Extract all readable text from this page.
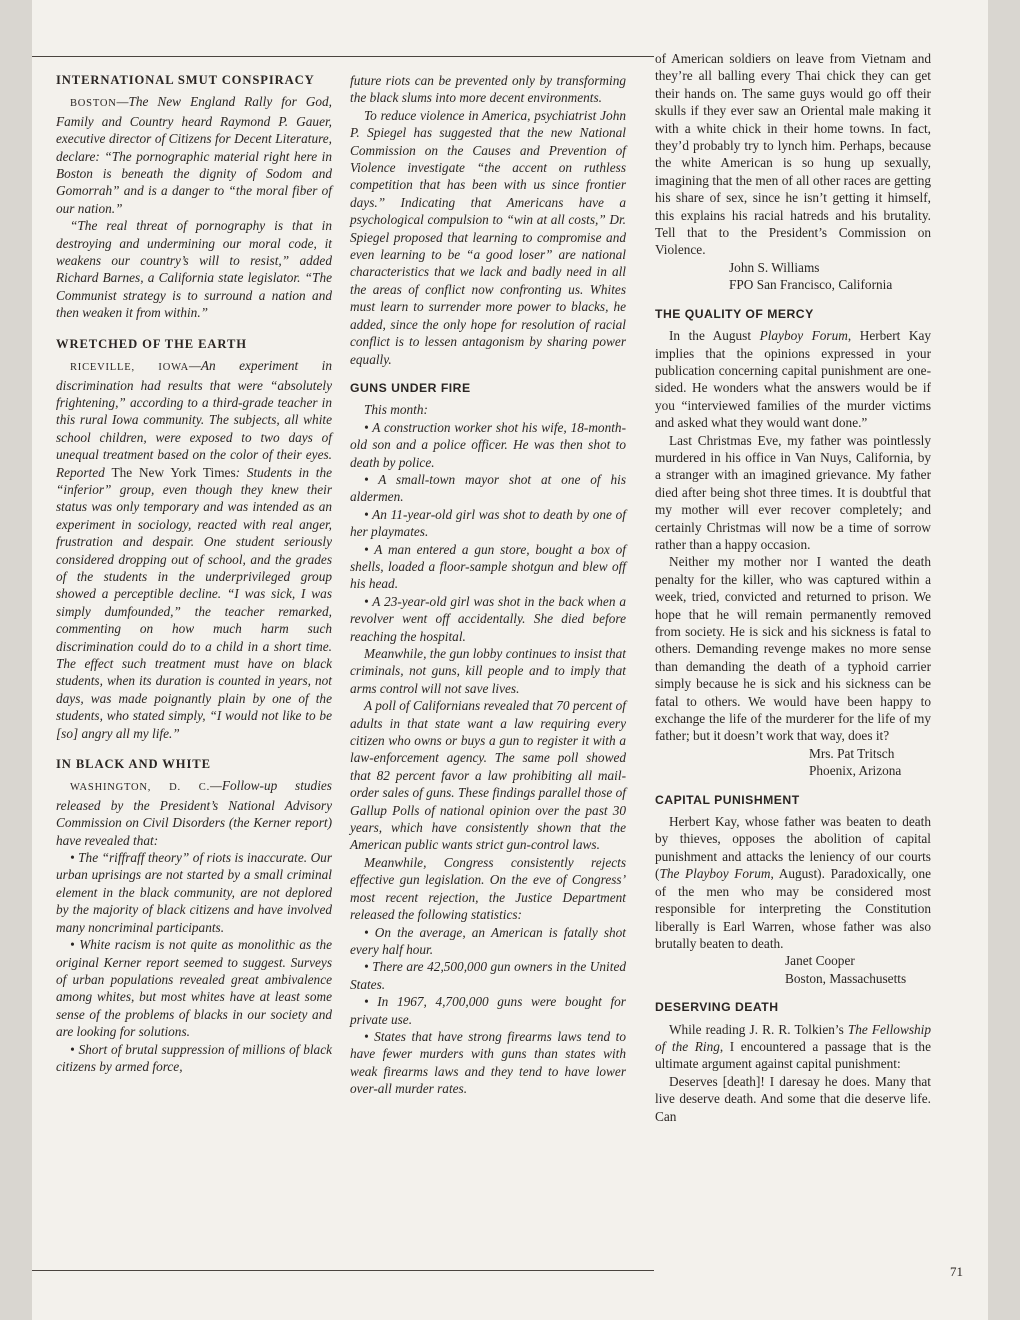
INTERNATIONAL SMUT CONSPIRACY

BOSTON—The New England Rally for God, Family and Country heard Raymond P. Gauer, executive director of Citizens for Decent Literature, declare: “The pornographic material right here in Boston is beneath the dignity of Sodom and Gomorrah” and is a danger to “the moral fiber of our nation.”

“The real threat of pornography is that in destroying and undermining our moral code, it weakens our country’s will to resist,” added Richard Barnes, a California state legislator. “The Communist strategy is to surround a nation and then weaken it from within.”

WRETCHED OF THE EARTH

RICEVILLE, IOWA—An experiment in discrimination had results that were “absolutely frightening,” according to a third-grade teacher in this rural Iowa community. The subjects, all white school children, were exposed to two days of unequal treatment based on the color of their eyes. Reported The New York Times: Students in the “inferior” group, even though they knew their status was only temporary and was intended as an experiment in sociology, reacted with real anger, frustration and despair. One student seriously considered dropping out of school, and the grades of the students in the underprivileged group showed a perceptible decline. “I was sick, I was simply dumfounded,” the teacher remarked, commenting on how much harm such discrimination could do to a child in a short time. The effect such treatment must have on black students, when its duration is counted in years, not days, was made poignantly plain by one of the students, who stated simply, “I would not like to be [so] angry all my life.”

IN BLACK AND WHITE

WASHINGTON, D. C.—Follow-up studies released by the President’s National Advisory Commission on Civil Disorders (the Kerner report) have revealed that:

• The “riffraff theory” of riots is inaccurate. Our urban uprisings are not started by a small criminal element in the black community, are not deplored by the majority of black citizens and have involved many noncriminal participants.

• White racism is not quite as monolithic as the original Kerner report seemed to suggest. Surveys of urban populations revealed great ambivalence among whites, but most whites have at least some sense of the problems of blacks in our society and are looking for solutions.

• Short of brutal suppression of millions of black citizens by armed force,

future riots can be prevented only by transforming the black slums into more decent environments.

To reduce violence in America, psychiatrist John P. Spiegel has suggested that the new National Commission on the Causes and Prevention of Violence investigate “the accent on ruthless competition that has been with us since frontier days.” Indicating that Americans have a psychological compulsion to “win at all costs,” Dr. Spiegel proposed that learning to compromise and even learning to be “a good loser” are national characteristics that we lack and badly need in all the areas of conflict now confronting us. Whites must learn to surrender more power to blacks, he added, since the only hope for resolution of racial conflict is to lessen antagonism by sharing power equally.

GUNS UNDER FIRE

This month:

• A construction worker shot his wife, 18-month-old son and a police officer. He was then shot to death by police.

• A small-town mayor shot at one of his aldermen.

• An 11-year-old girl was shot to death by one of her playmates.

• A man entered a gun store, bought a box of shells, loaded a floor-sample shotgun and blew off his head.

• A 23-year-old girl was shot in the back when a revolver went off accidentally. She died before reaching the hospital.

Meanwhile, the gun lobby continues to insist that criminals, not guns, kill people and to imply that arms control will not save lives.

A poll of Californians revealed that 70 percent of adults in that state want a law requiring every citizen who owns or buys a gun to register it with a law-enforcement agency. The same poll showed that 82 percent favor a law prohibiting all mail-order sales of guns. These findings parallel those of Gallup Polls of national opinion over the past 30 years, which have consistently shown that the American public wants strict gun-control laws.

Meanwhile, Congress consistently rejects effective gun legislation. On the eve of Congress’ most recent rejection, the Justice Department released the following statistics:

• On the average, an American is fatally shot every half hour.

• There are 42,500,000 gun owners in the United States.

• In 1967, 4,700,000 guns were bought for private use.

• States that have strong firearms laws tend to have fewer murders with guns than states with weak firearms laws and they tend to have lower over-all murder rates.

of American soldiers on leave from Vietnam and they’re all balling every Thai chick they can get their hands on. The same guys would go off their skulls if they ever saw an Oriental male making it with a white chick in their home towns. In fact, they’d probably try to lynch him. Perhaps, because the white American is so hung up sexually, imagining that the men of all other races are getting his share of sex, since he isn’t getting it himself, this explains his racial hatreds and his brutality. Tell that to the President’s Commission on Violence.

John S. Williams

FPO San Francisco, California

THE QUALITY OF MERCY

In the August Playboy Forum, Herbert Kay implies that the opinions expressed in your publication concerning capital punishment are one-sided. He wonders what the answers would be if you “interviewed families of the murder victims and asked what they would want done.”

Last Christmas Eve, my father was pointlessly murdered in his office in Van Nuys, California, by a stranger with an imagined grievance. My father died after being shot three times. It is doubtful that my mother will ever recover completely; and certainly Christmas will now be a time of sorrow rather than a happy occasion.

Neither my mother nor I wanted the death penalty for the killer, who was captured within a week, tried, convicted and returned to prison. We hope that he will remain permanently removed from society. He is sick and his sickness is fatal to others. Demanding revenge makes no more sense than demanding the death of a typhoid carrier simply because he is sick and his sickness can be fatal to others. We would have been happy to exchange the life of the murderer for the life of my father; but it doesn’t work that way, does it?

Mrs. Pat Tritsch

Phoenix, Arizona

CAPITAL PUNISHMENT

Herbert Kay, whose father was beaten to death by thieves, opposes the abolition of capital punishment and attacks the leniency of our courts (The Playboy Forum, August). Paradoxically, one of the men who may be considered most responsible for interpreting the Constitution liberally is Earl Warren, whose father was also brutally beaten to death.

Janet Cooper

Boston, Massachusetts

DESERVING DEATH

While reading J. R. R. Tolkien’s The Fellowship of the Ring, I encountered a passage that is the ultimate argument against capital punishment:

Deserves [death]! I daresay he does. Many that live deserve death. And some that die deserve life. Can

71
